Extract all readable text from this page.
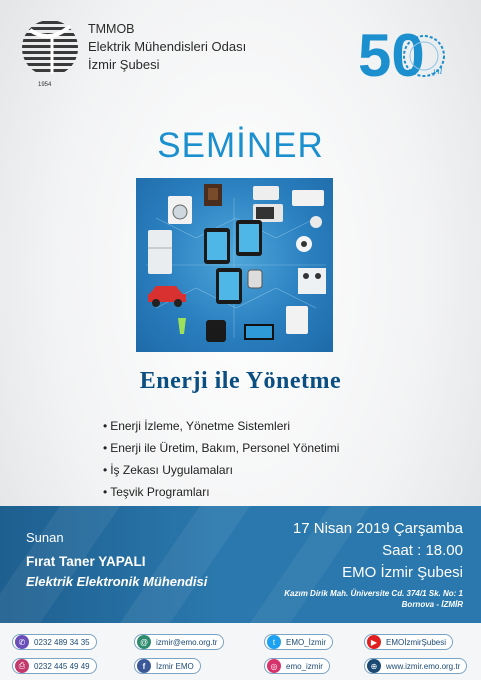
1954
TMMOB
Elektrik Mühendisleri Odası
İzmir Şubesi	50 .yıl
SEMİNER
Enerji ile Yönetme
• Enerji İzleme, Yönetme Sistemleri
• Enerji ile Üretim, Bakım, Personel Yönetimi
• İş Zekası Uygulamaları
• Teşvik Programları
Sunan
Fırat Taner YAPALI
Elektrik Elektronik Mühendisi
17 Nisan 2019 Çarşamba
Saat : 18.00
EMO İzmir Şubesi
Kazım Dirik Mah. Üniversite Cd. 374/1 Sk. No: 1
Bornova - İZMİR
✆	0232 489 34 35
⎙	0232 445 49 49
@ izmir@emo.org.tr
f	İzmir EMO
t	EMO_İzmir
◎	emo_izmir
▶	EMOİzmirŞubesi
⊕	www.izmir.emo.org.tr
